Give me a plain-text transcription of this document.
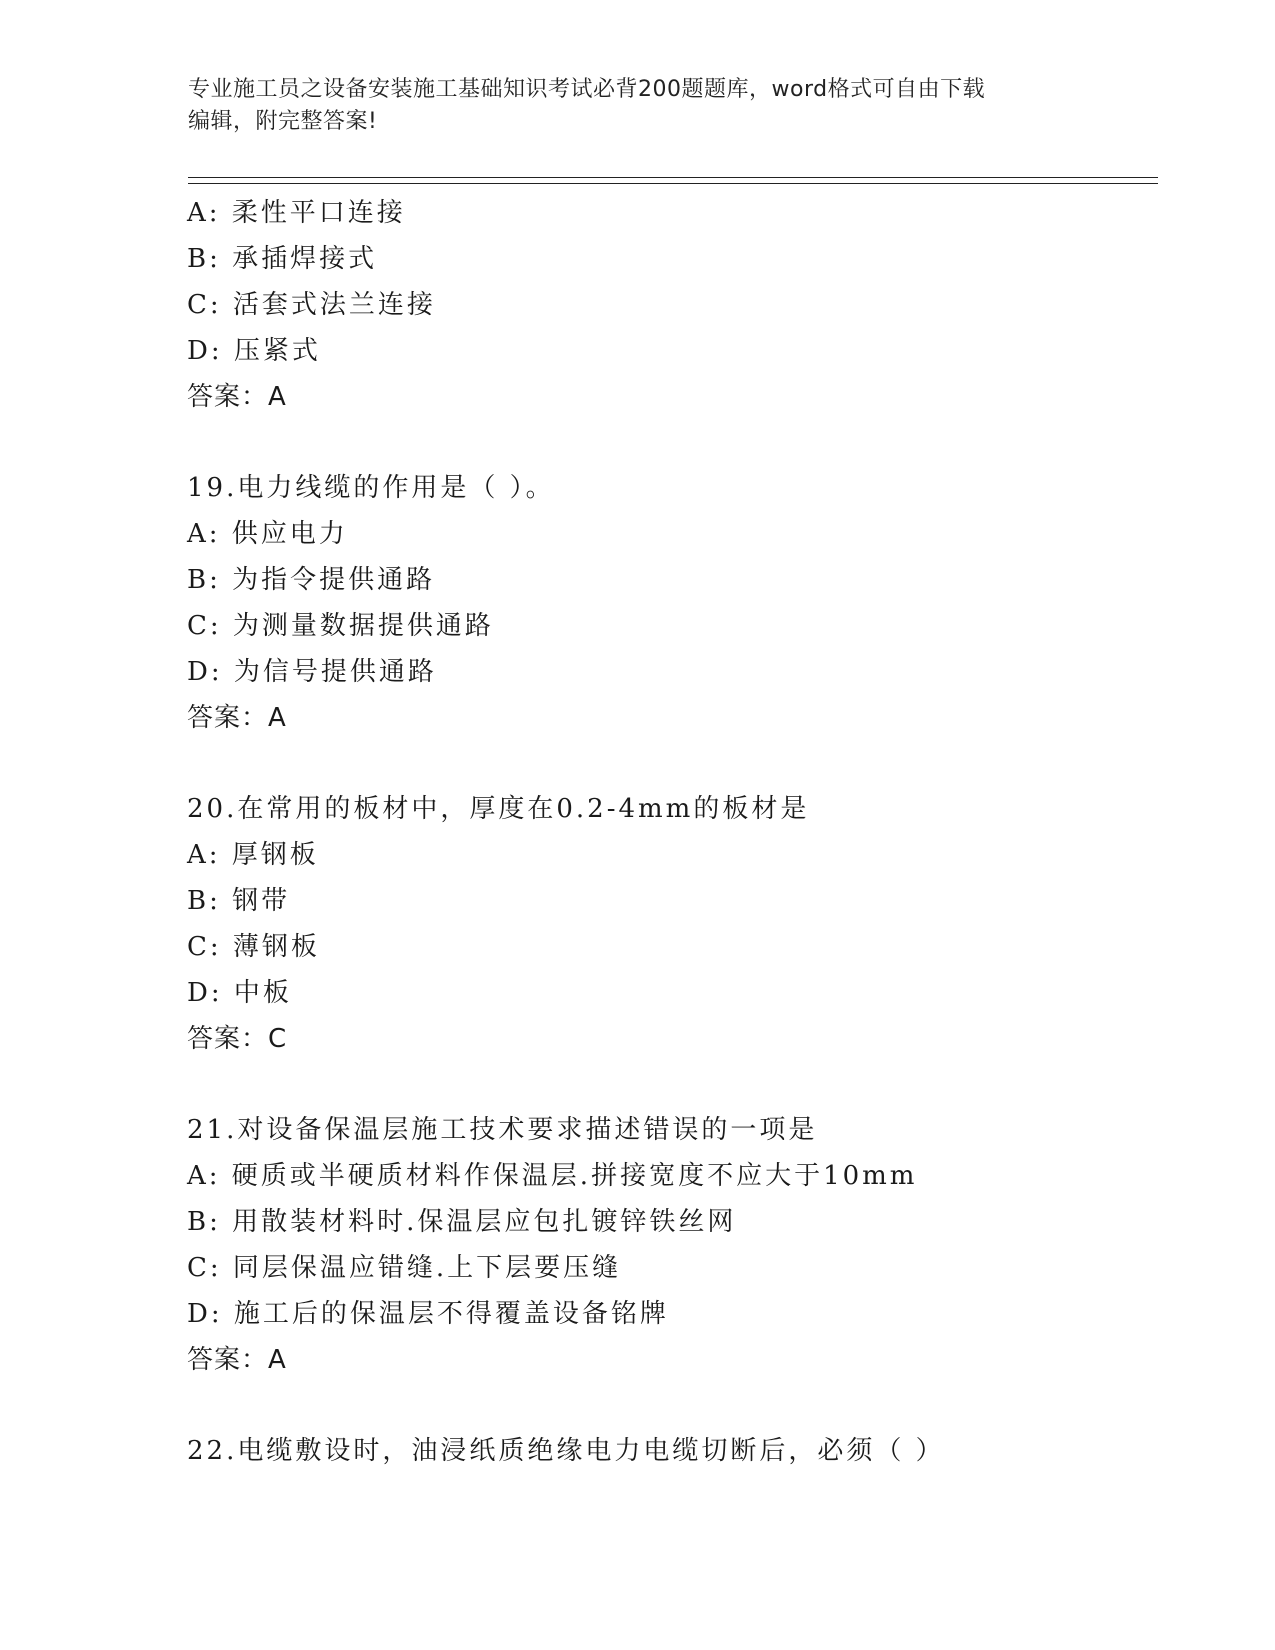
专业施工员之设备安装施工基础知识考试必背200题题库，word格式可自由下载
编辑，附完整答案!
A: 柔性平口连接
B: 承插焊接式
C: 活套式法兰连接
D: 压紧式
答案：A
19.电力线缆的作用是（ ）。
A: 供应电力
B: 为指令提供通路
C: 为测量数据提供通路
D: 为信号提供通路
答案：A
20.在常用的板材中，厚度在0.2-4mm的板材是
A: 厚钢板
B: 钢带
C: 薄钢板
D: 中板
答案：C
21.对设备保温层施工技术要求描述错误的一项是
A: 硬质或半硬质材料作保温层.拼接宽度不应大于10mm
B: 用散装材料时.保温层应包扎镀锌铁丝网
C: 同层保温应错缝.上下层要压缝
D: 施工后的保温层不得覆盖设备铭牌
答案：A
22.电缆敷设时，油浸纸质绝缘电力电缆切断后，必须（ ）
